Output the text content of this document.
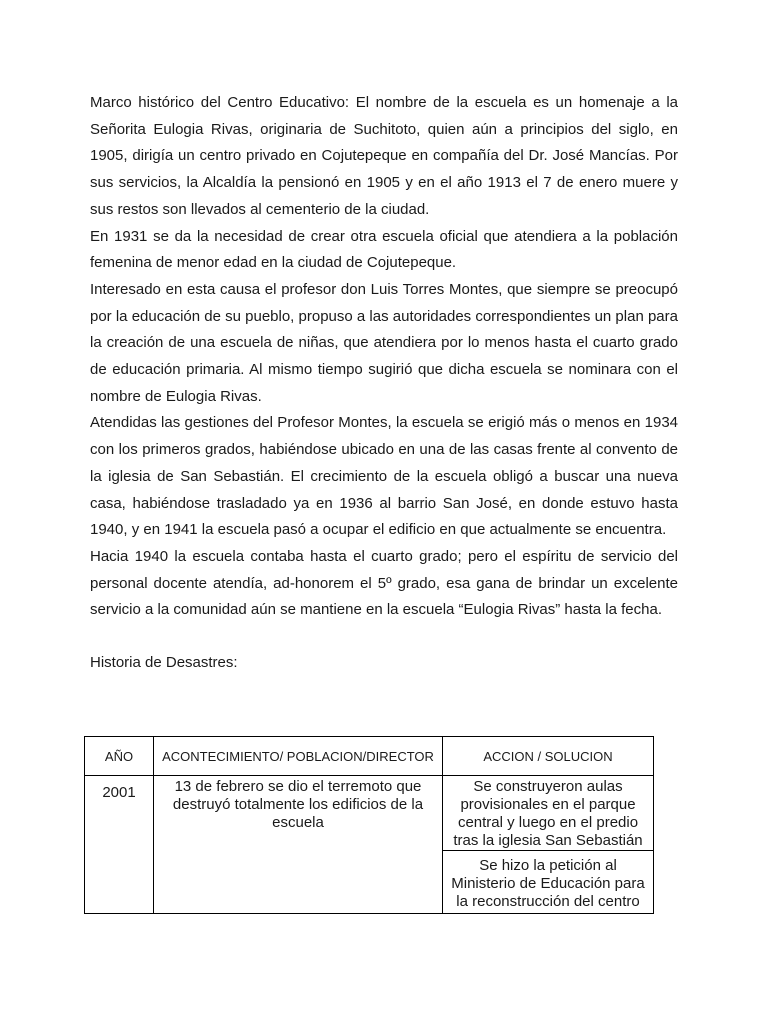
Marco histórico del Centro Educativo: El nombre de la escuela es un homenaje a la Señorita Eulogia Rivas, originaria de Suchitoto, quien aún a principios del siglo, en 1905, dirigía un centro privado en Cojutepeque en compañía del Dr. José Mancías. Por sus servicios, la Alcaldía la pensionó en 1905 y en el año 1913 el 7 de enero muere y sus restos son llevados al cementerio de la ciudad.

En 1931 se da la necesidad de crear otra escuela oficial que atendiera a la población femenina de menor edad en la ciudad de Cojutepeque.

Interesado en esta causa el profesor don Luis Torres Montes, que siempre se preocupó por la educación de su pueblo, propuso a las autoridades correspondientes un plan para la creación de una escuela de niñas, que atendiera por lo menos hasta el cuarto grado de educación primaria. Al mismo tiempo sugirió que dicha escuela se nominara con el nombre de Eulogia Rivas.

Atendidas las gestiones del Profesor Montes, la escuela se erigió más o menos en 1934 con los primeros grados, habiéndose ubicado en una de las casas frente al convento de la iglesia de San Sebastián. El crecimiento de la escuela obligó a buscar una nueva casa, habiéndose trasladado ya en 1936 al barrio San José, en donde estuvo hasta 1940, y en 1941 la escuela pasó a ocupar el edificio en que actualmente se encuentra.

Hacia 1940 la escuela contaba hasta el cuarto grado; pero el espíritu de servicio del personal docente atendía, ad-honorem el 5º grado, esa gana de brindar un excelente servicio a la comunidad aún se mantiene en la escuela “Eulogia Rivas” hasta la fecha.

Historia de Desastres:

AÑO	ACONTECIMIENTO/ POBLACION/DIRECTOR	ACCION / SOLUCION
2001	13 de febrero se dio el terremoto que destruyó totalmente los edificios de la escuela	Se construyeron aulas provisionales en el parque central y luego en el predio tras la iglesia San Sebastián
		Se hizo la petición al Ministerio de Educación para la reconstrucción del centro
